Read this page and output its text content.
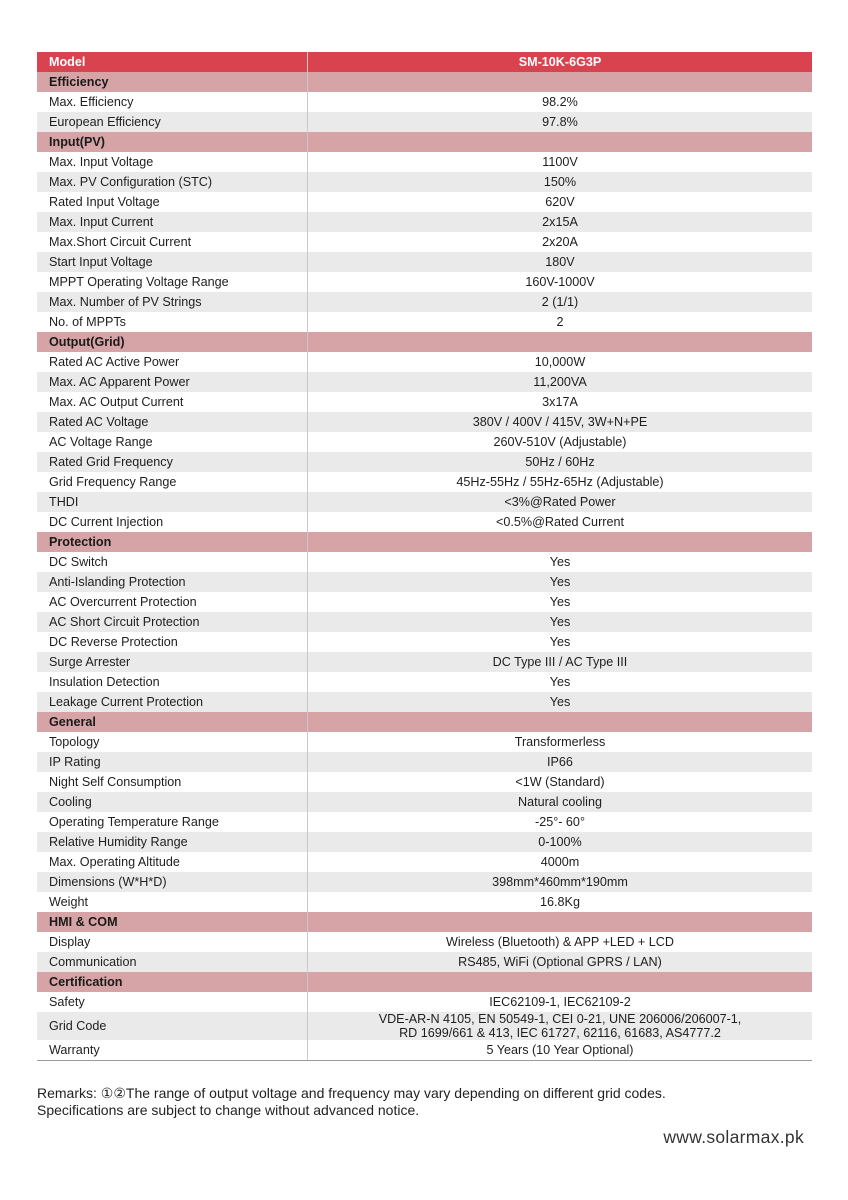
Model	SM-10K-6G3P
Efficiency	
Max. Efficiency	98.2%
European Efficiency	97.8%
Input(PV)	
Max. Input Voltage	1100V
Max. PV Configuration (STC)	150%
Rated Input Voltage	620V
Max. Input Current	2x15A
Max.Short Circuit Current	2x20A
Start Input Voltage	180V
MPPT Operating Voltage Range	160V-1000V
Max. Number of PV Strings	2 (1/1)
No. of MPPTs	2
Output(Grid)	
Rated AC Active Power	10,000W
Max. AC Apparent Power	11,200VA
Max. AC Output Current	3x17A
Rated AC Voltage	380V / 400V / 415V, 3W+N+PE
AC Voltage Range	260V-510V (Adjustable)
Rated Grid Frequency	50Hz / 60Hz
Grid Frequency Range	45Hz-55Hz / 55Hz-65Hz (Adjustable)
THDI	<3%@Rated Power
DC Current Injection	<0.5%@Rated Current
Protection	
DC Switch	Yes
Anti-Islanding Protection	Yes
AC Overcurrent Protection	Yes
AC Short Circuit Protection	Yes
DC Reverse Protection	Yes
Surge Arrester	DC Type III / AC Type III
Insulation Detection	Yes
Leakage Current Protection	Yes
General	
Topology	Transformerless
IP Rating	IP66
Night Self Consumption	<1W (Standard)
Cooling	Natural cooling
Operating Temperature Range	-25°- 60°
Relative Humidity Range	0-100%
Max. Operating Altitude	4000m
Dimensions (W*H*D)	398mm*460mm*190mm
Weight	16.8Kg
HMI & COM	
Display	Wireless (Bluetooth) & APP +LED + LCD
Communication	RS485, WiFi (Optional GPRS / LAN)
Certification	
Safety	IEC62109-1, IEC62109-2
Grid Code	VDE-AR-N 4105, EN 50549-1, CEI 0-21, UNE 206006/206007-1,
RD 1699/661 & 413, IEC 61727, 62116, 61683, AS4777.2

Warranty	5 Years (10 Year Optional)
Remarks: ①②The range of output voltage and frequency may vary depending on different grid codes.
Specifications are subject to change without advanced notice.
www.solarmax.pk
